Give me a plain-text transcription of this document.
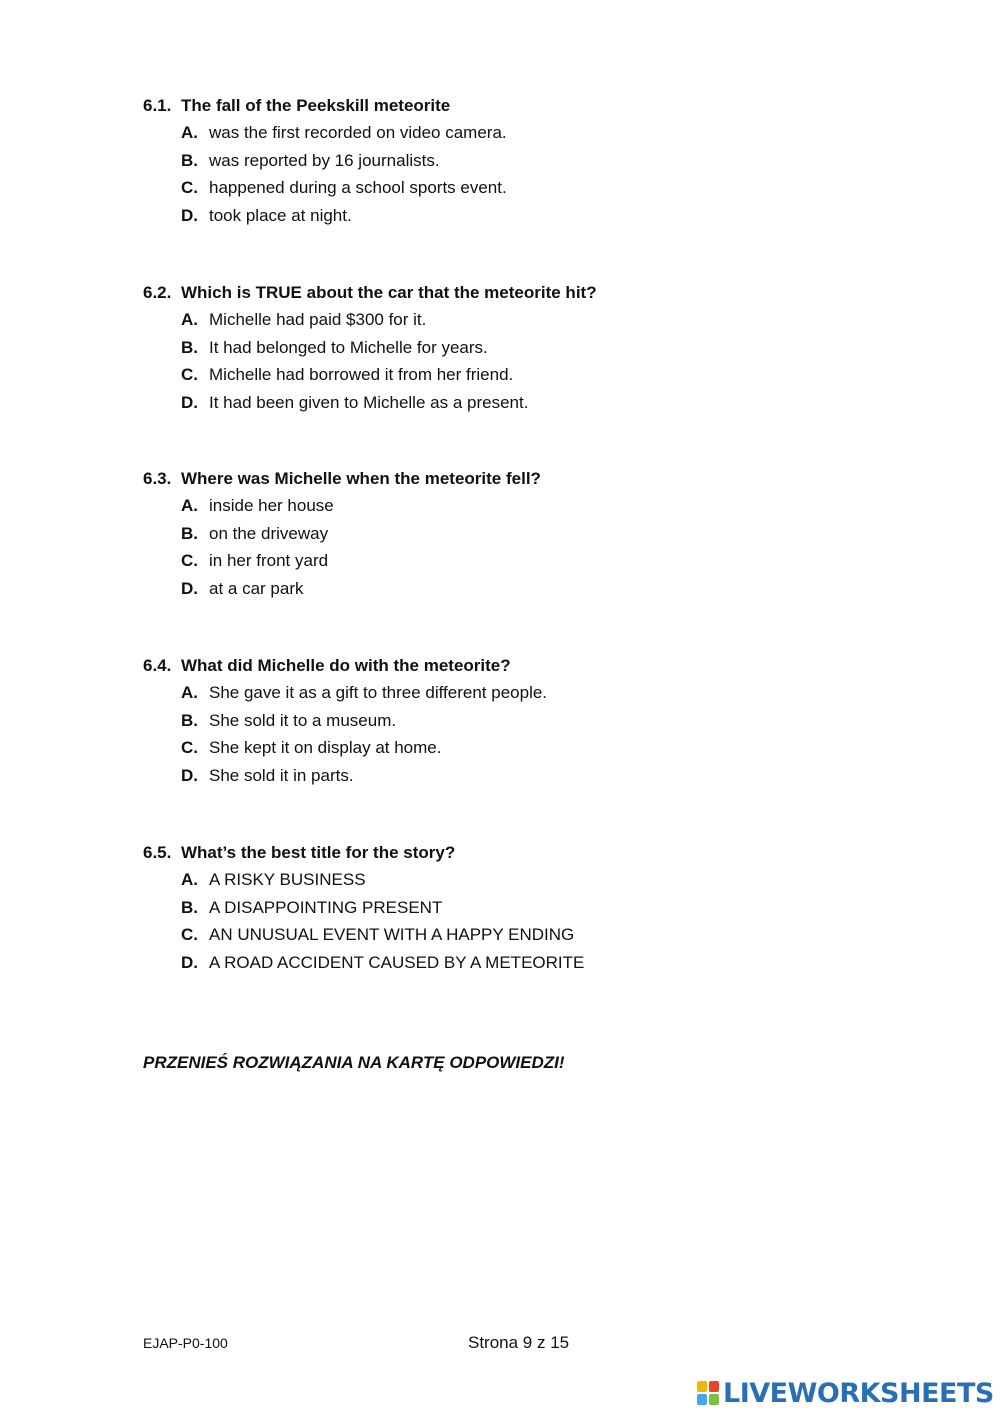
6.1. The fall of the Peekskill meteorite

A. was the first recorded on video camera.
B. was reported by 16 journalists.
C. happened during a school sports event.
D. took place at night.

6.2. Which is TRUE about the car that the meteorite hit?

A. Michelle had paid $300 for it.
B. It had belonged to Michelle for years.
C. Michelle had borrowed it from her friend.
D. It had been given to Michelle as a present.

6.3. Where was Michelle when the meteorite fell?

A. inside her house
B. on the driveway
C. in her front yard
D. at a car park

6.4. What did Michelle do with the meteorite?

A. She gave it as a gift to three different people.
B. She sold it to a museum.
C. She kept it on display at home.
D. She sold it in parts.

6.5. What’s the best title for the story?

A. A RISKY BUSINESS
B. A DISAPPOINTING PRESENT
C. AN UNUSUAL EVENT WITH A HAPPY ENDING
D. A ROAD ACCIDENT CAUSED BY A METEORITE

PRZENIEŚ ROZWIĄZANIA NA KARTĘ ODPOWIEDZI!

EJAP-P0-100	Strona 9 z 15
LIVEWORKSHEETS
